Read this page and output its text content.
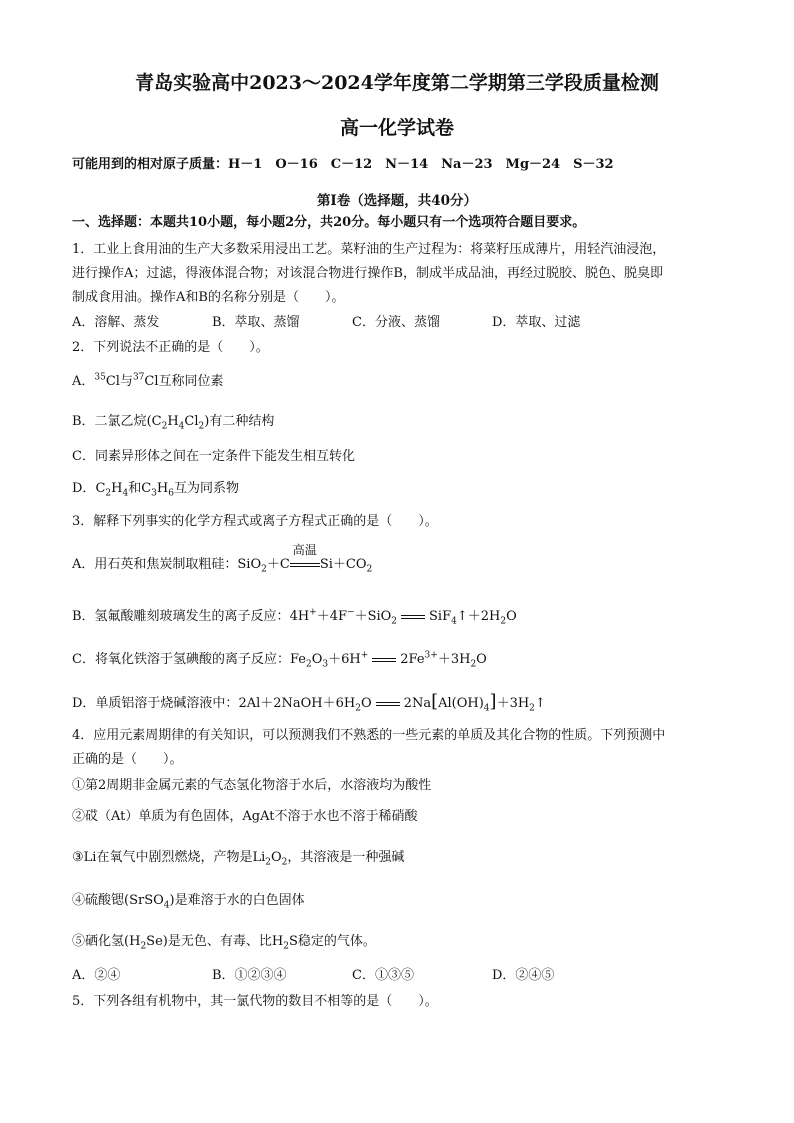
青岛实验高中2023～2024学年度第二学期第三学段质量检测
高一化学试卷
可能用到的相对原子质量：H－1　O－16　C－12　N－14　Na－23　Mg－24　S－32
第Ⅰ卷（选择题，共40分）
一、选择题：本题共10小题，每小题2分，共20分。每小题只有一个选项符合题目要求。
1．工业上食用油的生产大多数采用浸出工艺。菜籽油的生产过程为：将菜籽压成薄片，用轻汽油浸泡，
进行操作A；过滤，得液体混合物；对该混合物进行操作B，制成半成品油，再经过脱胶、脱色、脱臭即
制成食用油。操作A和B的名称分别是（　　）。
A．溶解、蒸发	B．萃取、蒸馏	C．分液、蒸馏	D．萃取、过滤
2．下列说法不正确的是（　　）。
A．$^{35}$Cl与$^{37}$Cl互称同位素
B．二氯乙烷$(C_2H_4Cl_2)$有二种结构
C．同素异形体之间在一定条件下能发生相互转化
D．$C_2H_4$和$C_3H_6$互为同系物
3．解释下列事实的化学方程式或离子方程式正确的是（　　）。
A．用石英和焦炭制取粗硅：SiO$_2$＋C
高温
$Si+CO_2$
B．氢氟酸雕刻玻璃发生的离子反应：4H+＋4F−＋SiO$_2$ $SiF_4↑+2H_2O$
C．将氧化铁溶于氢碘酸的离子反应：$Fe_2O_3+6H^+$ $2Fe^{3+}+3H_2O$
D．单质铝溶于烧碱溶液中：$2Al+2NaOH+6H_2O$ $2Na[Al(OH)_4]+3H_2↑$
4．应用元素周期律的有关知识，可以预测我们不熟悉的一些元素的单质及其化合物的性质。下列预测中
正确的是（　　）。
①第2周期非金属元素的气态氢化物溶于水后，水溶液均为酸性
②砹（At）单质为有色固体，AgAt不溶于水也不溶于稀硝酸
③Li在氧气中剧烈燃烧，产物是$Li_2O_2$，其溶液是一种强碱
④硫酸锶(SrSO$_4$)是难溶于水的白色固体
⑤硒化氢$(H_2Se)$是无色、有毒、比$H_2S$稳定的气体。
A．②④	B．①②③④	C．①③⑤	D．②④⑤
5．下列各组有机物中，其一氯代物的数目不相等的是（　　）。
